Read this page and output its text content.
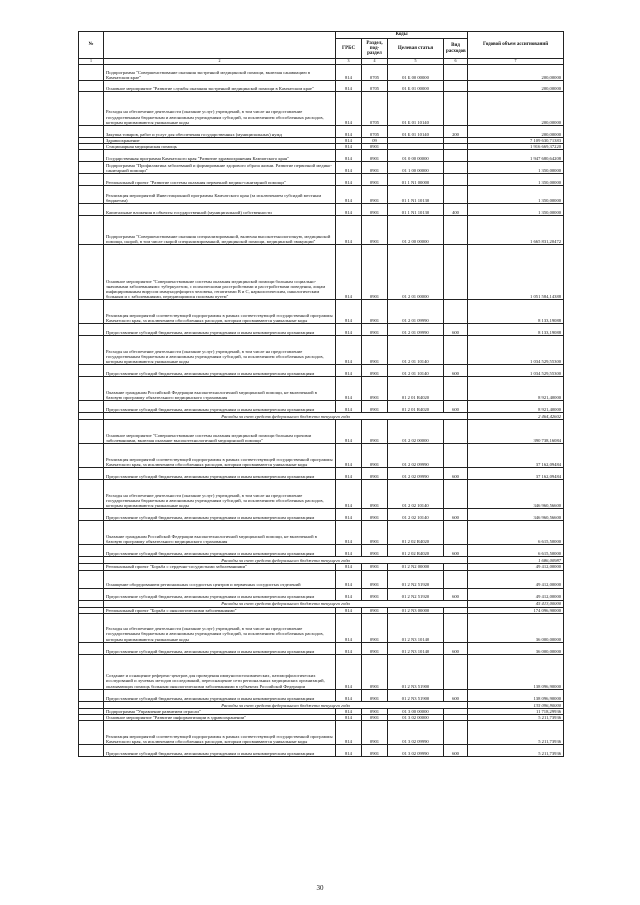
№		Коды				Годовой объем ассигнований
		ГРБС	Раздел, под-раздел	Целевая статья	Вид расходов	
1	2	3	4	5	6	7
	Подпрограмма "Совершенствование оказания экстренной медицинской помощи, включая санавиацию в Камчатском крае"	814	0705	01 Б 00 00000		200,00000
	Основное мероприятие "Развитие службы оказания экстренной медицинской помощи в Камчатском крае"	814	0705	01 Б 01 00000		200,00000
	Расходы на обеспечение деятельности (оказание услуг) учреждений, в том числе на предоставление государственным бюджетным и автономным учреждениям субсидий, за исключением обособленных расходов, которым присваиваются уникальные коды	814	0705	01 Б 01 10140		200,00000
	Закупка товаров, работ и услуг для обеспечения государственных (муниципальных) нужд	814	0705	01 Б 01 10140	200	200,00000
	Здравоохранение	814	09			7 109 630,71383
	Стационарная медицинская помощь	814	0901			1 916 669,37220
	Государственная программа Камчатского края "Развитие здравоохранения Камчатского края"	814	0901	01 0 00 00000		1 947 680,64208
	Подпрограмма "Профилактика заболеваний и формирование здорового образа жизни. Развитие первичной медико-санитарной помощи"	814	0901	01 1 00 00000		1 350,00000
	Региональный проект "Развитие системы оказания первичной медико-санитарной помощи"	814	0901	01 1 N1 00000		1 350,00000
	Реализация мероприятий Инвестиционной программы Камчатского края (за исключением субсидий местным бюджетам)	814	0901	01 1 N1 10130		1 350,00000
	Капитальные вложения в объекты государственной (муниципальной) собственности	814	0901	01 1 N1 10130	400	1 350,00000
	Подпрограмма "Совершенствование оказания специализированной, включая высокотехнологичную, медицинской помощи, скорой, в том числе скорой специализированной, медицинской помощи, медицинской эвакуации"	814	0901	01 2 00 00000		1 665 831,20472
	Основное мероприятие "Совершенствование системы оказания медицинской помощи больным социально-значимыми заболеваниями: туберкулезом, с психическими расстройствами и расстройствами поведения, лицам инфицированным вирусом иммунодефицита человека, гепатитами В и С, наркологическим, онкологическим больным и с заболеваниями, передающимися половым путем"	814	0901	01 2 01 00000		1 051 584,14388
	Реализация мероприятий соответствующей подпрограммы в рамках соответствующей государственной программы Камчатского края, за исключением обособленных расходов, которым присваиваются уникальные коды	814	0901	01 2 01 09990		8 133,19088
	Предоставление субсидий бюджетным, автономным учреждениям и иным некоммерческим организациям	814	0901	01 2 01 09990	600	8 133,19088
	Расходы на обеспечение деятельности (оказание услуг) учреждений, в том числе на предоставление государственным бюджетным и автономным учреждениям субсидий, за исключением обособленных расходов, которым присваиваются уникальные коды	814	0901	01 2 01 10140		1 034 529,55300
	Предоставление субсидий бюджетным, автономным учреждениям и иным некоммерческим организациям	814	0901	01 2 01 10140	600	1 034 529,55300
	Оказание гражданам Российской Федерации высокотехнологичной медицинской помощи, не включенной в базовую программу обязательного медицинского страхования	814	0901	01 2 01 R4020		8 921,40000
	Предоставление субсидий бюджетным, автономным учреждениям и иным некоммерческим организациям	814	0901	01 2 01 R4020	600	8 921,40000
	Расходы за счет средств федерального бюджета текущего года					2 464,42602
	Основное мероприятие "Совершенствование системы оказания медицинской помощи больным прочими заболеваниями, включая оказание высокотехнологичной медицинской помощи"	814	0901	01 2 02 00000		390 738,16084
	Реализация мероприятий соответствующей подпрограммы в рамках соответствующей государственной программы Камчатского края, за исключением обособленных расходов, которым присваиваются уникальные коды	814	0901	01 2 02 09990		37 162,09484
	Предоставление субсидий бюджетным, автономным учреждениям и иным некоммерческим организациям	814	0901	01 2 02 09990	600	37 162,09484
	Расходы на обеспечение деятельности (оказание услуг) учреждений, в том числе на предоставление государственным бюджетным и автономным учреждениям субсидий, за исключением обособленных расходов, которым присваиваются уникальные коды	814	0901	01 2 02 10140		346 960,56600
	Предоставление субсидий бюджетным, автономным учреждениям и иным некоммерческим организациям	814	0901	01 2 02 10140	600	346 960,56600
	Оказание гражданам Российской Федерации высокотехнологичной медицинской помощи, не включенной в базовую программу обязательного медицинского страхования	814	0901	01 2 02 R4020		6 615,50000
	Предоставление субсидий бюджетным, автономным учреждениям и иным некоммерческим организациям	814	0901	01 2 02 R4020	600	6 615,50000
	Расходы за счет средств федерального бюджета текущего года					1 686,00987
	Региональный проект "Борьба с сердечно-сосудистыми заболеваниями"	814	0901	01 2 N2 00000		49 412,00000
	Оснащение оборудованием региональных сосудистых центров и первичных сосудистых отделений	814	0901	01 2 N2 51920		49 412,00000
	Предоставление субсидий бюджетным, автономным учреждениям и иным некоммерческим организациям	814	0901	01 2 N2 51920	600	49 412,00000
	Расходы за счет средств федерального бюджета текущего года					45 413,00000
	Региональный проект "Борьба с онкологическими заболеваниями"	814	0901	01 2 N3 00000		174 096,90000
	Расходы на обеспечение деятельности (оказание услуг) учреждений, в том числе на предоставление государственным бюджетным и автономным учреждениям субсидий, за исключением обособленных расходов, которым присваиваются уникальные коды	814	0901	01 2 N3 10140		36 000,00000
	Предоставление субсидий бюджетным, автономным учреждениям и иным некоммерческим организациям	814	0901	01 2 N3 10140	600	36 000,00000
	Создание и оснащение референс-центров для проведения иммуногистохимических, патоморфологических исследований и лучевых методов исследований, переоснащение сети региональных медицинских организаций, оказывающих помощь больным онкологическими заболеваниями в субъектах Российской Федерации	814	0901	01 2 N3 51900		138 096,90000
	Предоставление субсидий бюджетным, автономным учреждениям и иным некоммерческим организациям	814	0901	01 2 N3 51900	600	138 096,90000
	Расходы за счет средств федерального бюджета текущего года					135 096,90000
	Подпрограмма "Управление развитием отрасли"	814	0901	01 3 00 00000		11 718,29936
	Основное мероприятие "Развитие информатизации в здравоохранении"	814	0901	01 3 02 00000		5 211,73936
	Реализация мероприятий соответствующей подпрограммы в рамках соответствующей государственной программы Камчатского края, за исключением обособленных расходов, которым присваиваются уникальные коды	814	0901	01 3 02 09990		5 211,73936
	Предоставление субсидий бюджетным, автономным учреждениям и иным некоммерческим организациям	814	0901	01 3 02 09990	600	5 211,73936
30
